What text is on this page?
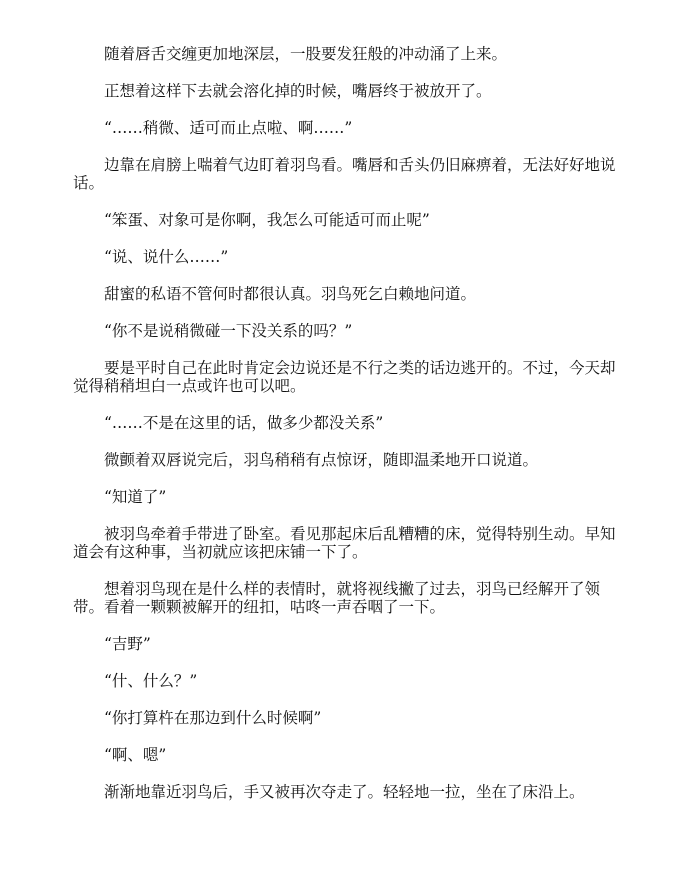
随着唇舌交缠更加地深层，一股要发狂般的冲动涌了上来。

正想着这样下去就会溶化掉的时候，嘴唇终于被放开了。

“……稍微、适可而止点啦、啊……”

边靠在肩膀上喘着气边盯着羽鸟看。嘴唇和舌头仍旧麻痹着，无法好好地说话。

“笨蛋、对象可是你啊，我怎么可能适可而止呢”

“说、说什么……”

甜蜜的私语不管何时都很认真。羽鸟死乞白赖地问道。

“你不是说稍微碰一下没关系的吗？”

要是平时自己在此时肯定会边说还是不行之类的话边逃开的。不过，今天却觉得稍稍坦白一点或许也可以吧。

“……不是在这里的话，做多少都没关系”

微颤着双唇说完后，羽鸟稍稍有点惊讶，随即温柔地开口说道。

“知道了”

被羽鸟牵着手带进了卧室。看见那起床后乱糟糟的床，觉得特别生动。早知道会有这种事，当初就应该把床铺一下了。

想着羽鸟现在是什么样的表情时，就将视线撇了过去，羽鸟已经解开了领带。看着一颗颗被解开的纽扣，咕咚一声吞咽了一下。

“吉野”

“什、什么？”

“你打算杵在那边到什么时候啊”

“啊、嗯”

渐渐地靠近羽鸟后，手又被再次夺走了。轻轻地一拉，坐在了床沿上。
